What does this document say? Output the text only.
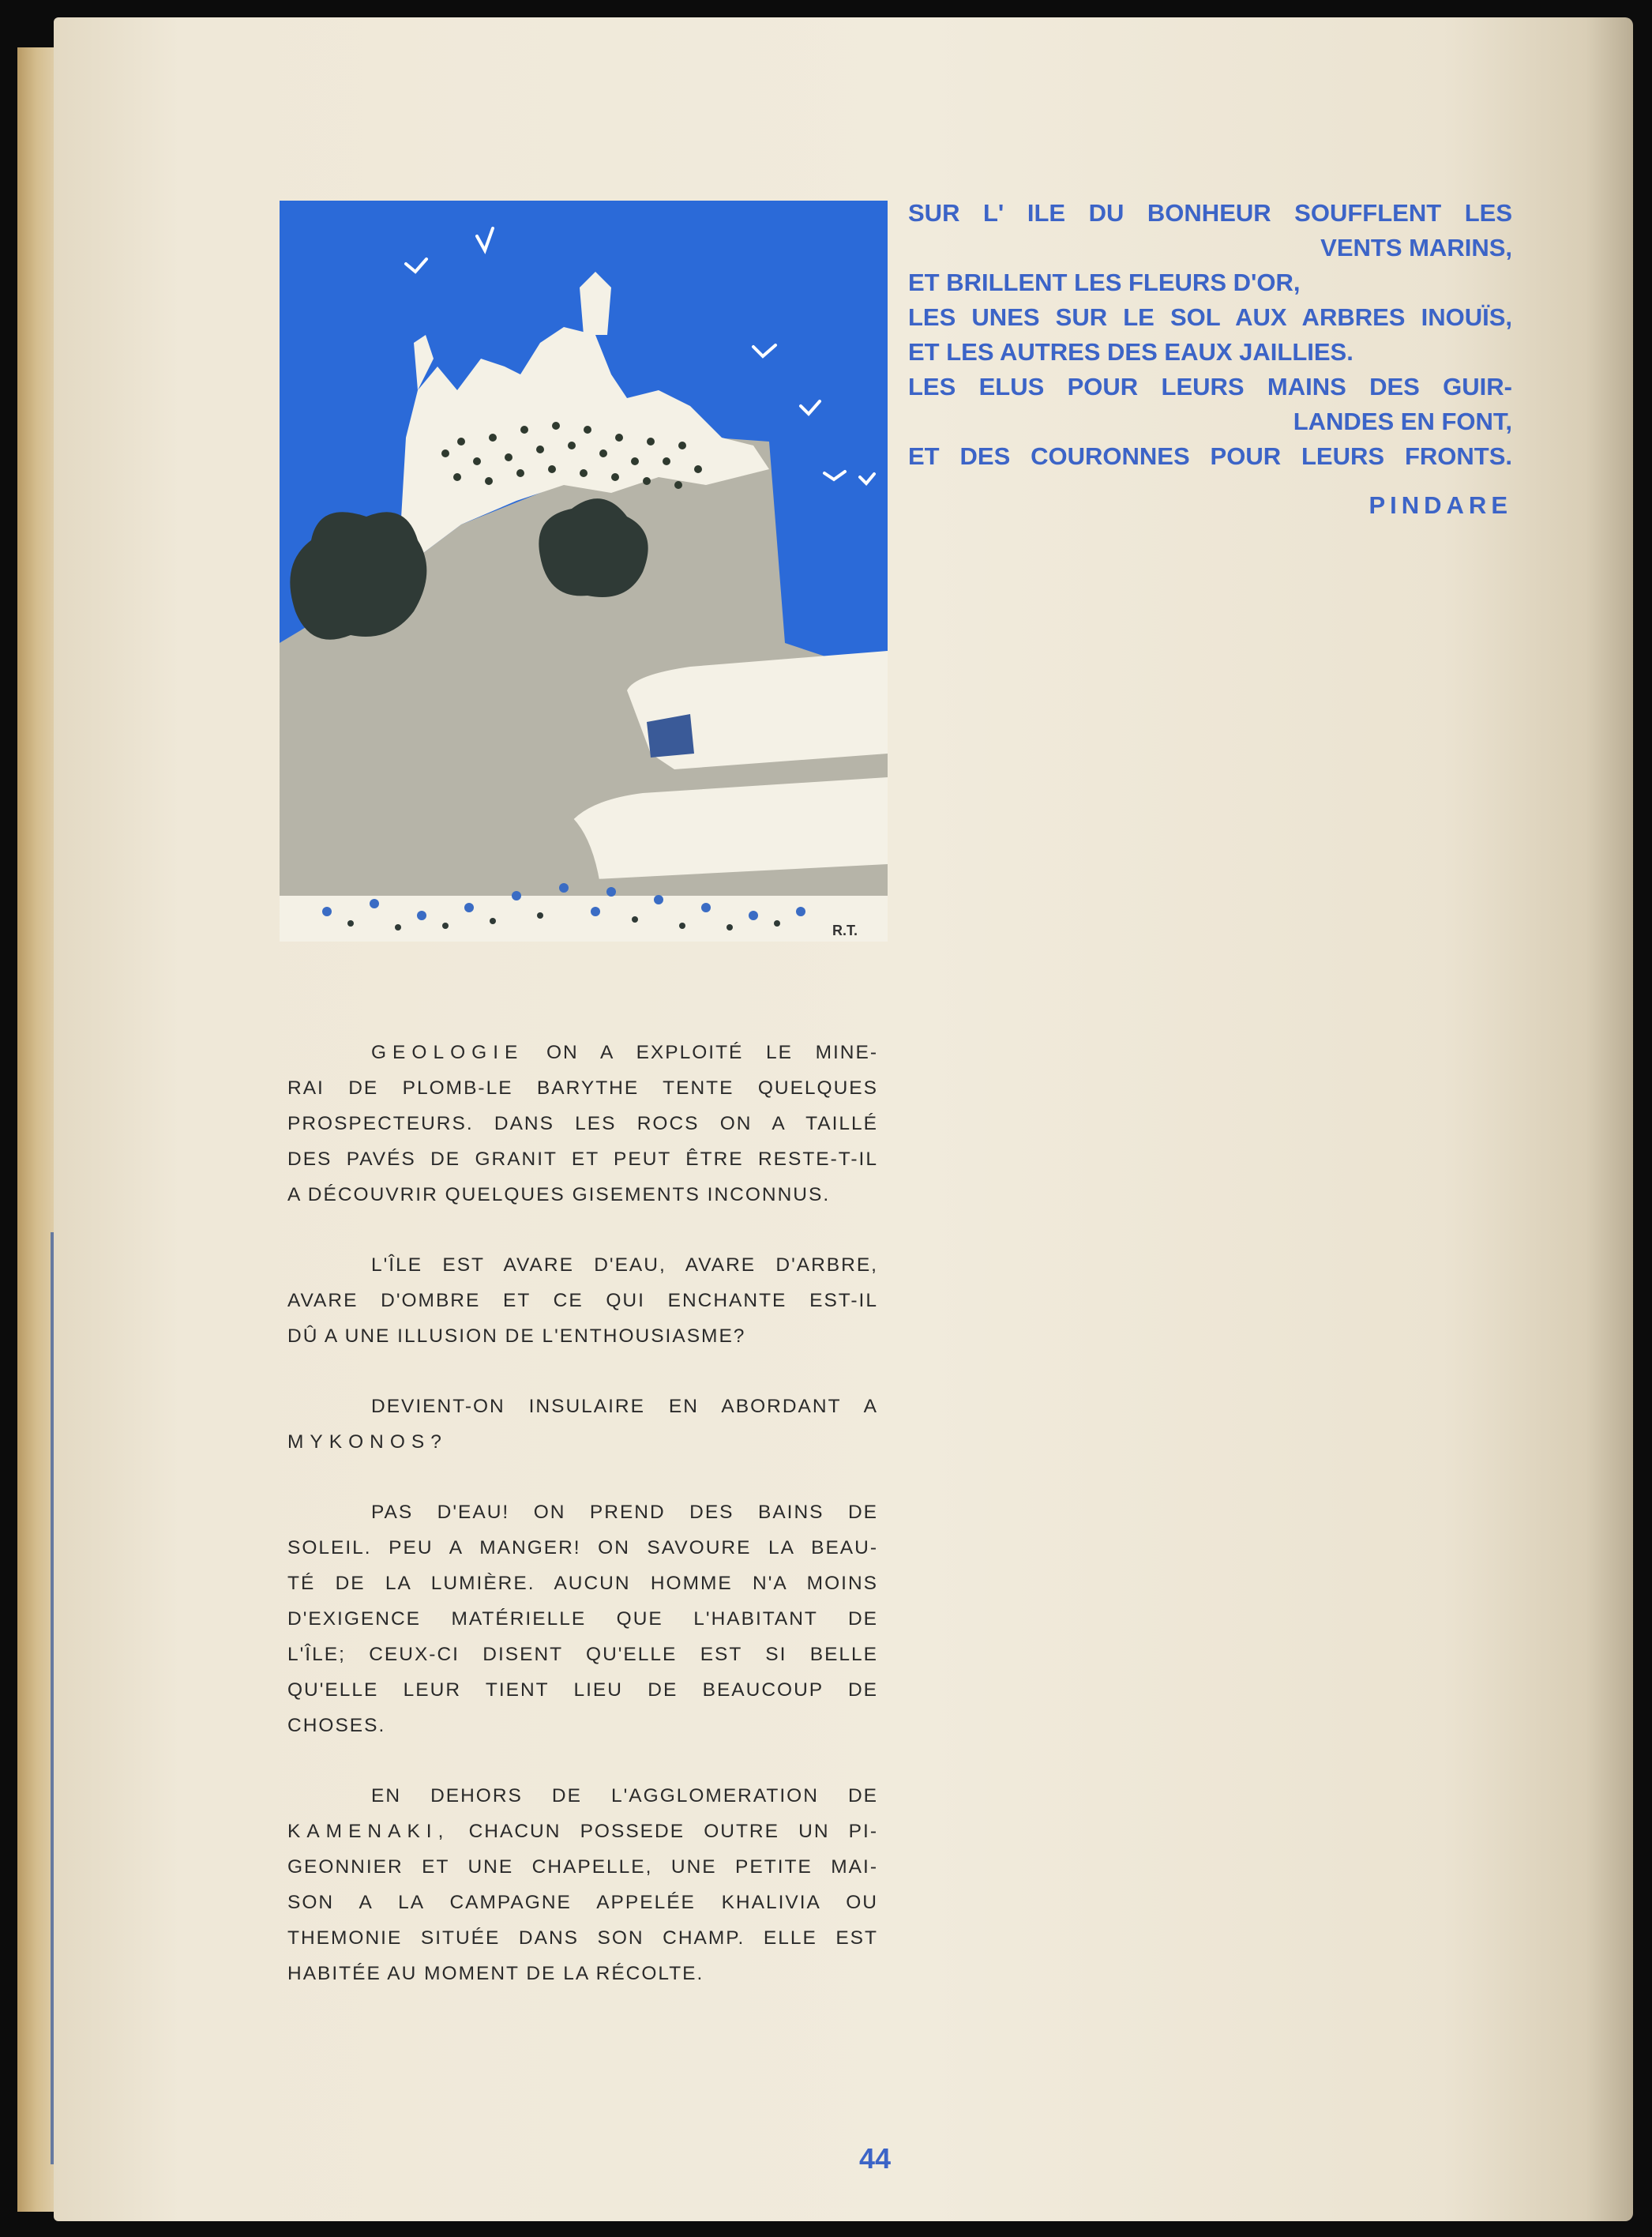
R.T.
SUR L' ILE DU BONHEUR SOUFFLENT LES
VENTS MARINS,
ET BRILLENT LES FLEURS D'OR,
LES UNES SUR LE SOL AUX ARBRES INOUÏS,
ET LES AUTRES DES EAUX JAILLIES.
LES ELUS POUR LEURS MAINS DES GUIR-
LANDES EN FONT,
ET DES COURONNES POUR LEURS FRONTS.
PINDARE
GEOLOGIE ON A EXPLOITÉ LE MINE-
RAI DE PLOMB-LE BARYTHE TENTE QUELQUES
PROSPECTEURS. DANS LES ROCS ON A TAILLÉ
DES PAVÉS DE GRANIT ET PEUT ÊTRE RESTE-T-IL
A DÉCOUVRIR QUELQUES GISEMENTS INCONNUS.
L'ÎLE EST AVARE D'EAU, AVARE D'ARBRE,
AVARE D'OMBRE ET CE QUI ENCHANTE EST-IL
DÛ A UNE ILLUSION DE L'ENTHOUSIASME?
DEVIENT-ON INSULAIRE EN ABORDANT A
MYKONOS?
PAS D'EAU! ON PREND DES BAINS DE
SOLEIL. PEU A MANGER! ON SAVOURE LA BEAU-
TÉ DE LA LUMIÈRE. AUCUN HOMME N'A MOINS
D'EXIGENCE MATÉRIELLE QUE L'HABITANT DE
L'ÎLE; CEUX-CI DISENT QU'ELLE EST SI BELLE
QU'ELLE LEUR TIENT LIEU DE BEAUCOUP DE
CHOSES.
EN DEHORS DE L'AGGLOMERATION DE
KAMENAKI, CHACUN POSSEDE OUTRE UN PI-
GEONNIER ET UNE CHAPELLE, UNE PETITE MAI-
SON A LA CAMPAGNE APPELÉE KHALIVIA OU
THEMONIE SITUÉE DANS SON CHAMP. ELLE EST
HABITÉE AU MOMENT DE LA RÉCOLTE.
44
